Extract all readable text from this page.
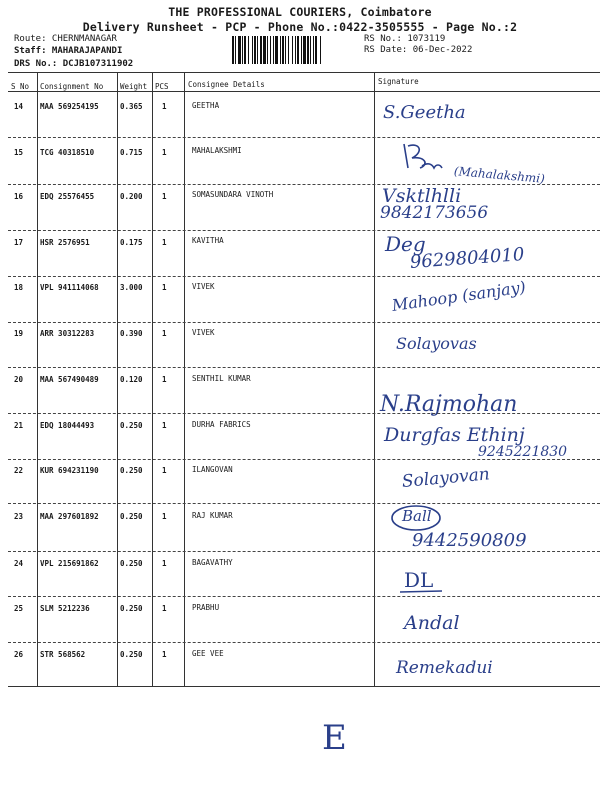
THE PROFESSIONAL COURIERS, Coimbatore
Delivery Runsheet - PCP - Phone No.:0422-3505555 - Page No.:2
Route: CHERNMANAGAR
Staff: MAHARAJAPANDI
DRS No.: DCJB107311902
RS No.: 1073119
RS Date: 06-Dec-2022
S No Consignment No Weight PCS	Consignee Details	Signature
14 MAA 569254195	0.365	1	GEETHA	S.Geetha
15 TCG 40318510	0.715	1	MAHALAKSHMI
(Mahalakshmi)
16 EDQ 25576455	0.200	1	SOMASUNDARA VINOTH	Vsktlhlli
9842173656
17 HSR 2576951	0.175	1	KAVITHA	Deg
9629804010
18 VPL 941114068	3.000	1	VIVEK	Mahoop (sanjay)
19 ARR 30312283	0.390	1	VIVEK
Solayovas
20 MAA 567490489	0.120	1	SENTHIL KUMAR
N.Rajmohan
21 EDQ 18044493	0.250	1	DURHA FABRICS	Durgfas Ethinj
9245221830
22 KUR 694231190	0.250	1	ILANGOVAN	Solayovan
23 MAA 297601892	0.250	1	RAJ KUMAR	Ball
9442590809
24 VPL 215691862	0.250	1	BAGAVATHY
DL
25 SLM 5212236	0.250	1	PRABHU
Andal
26 STR 568562	0.250	1	GEE VEE
Remekadui
E
